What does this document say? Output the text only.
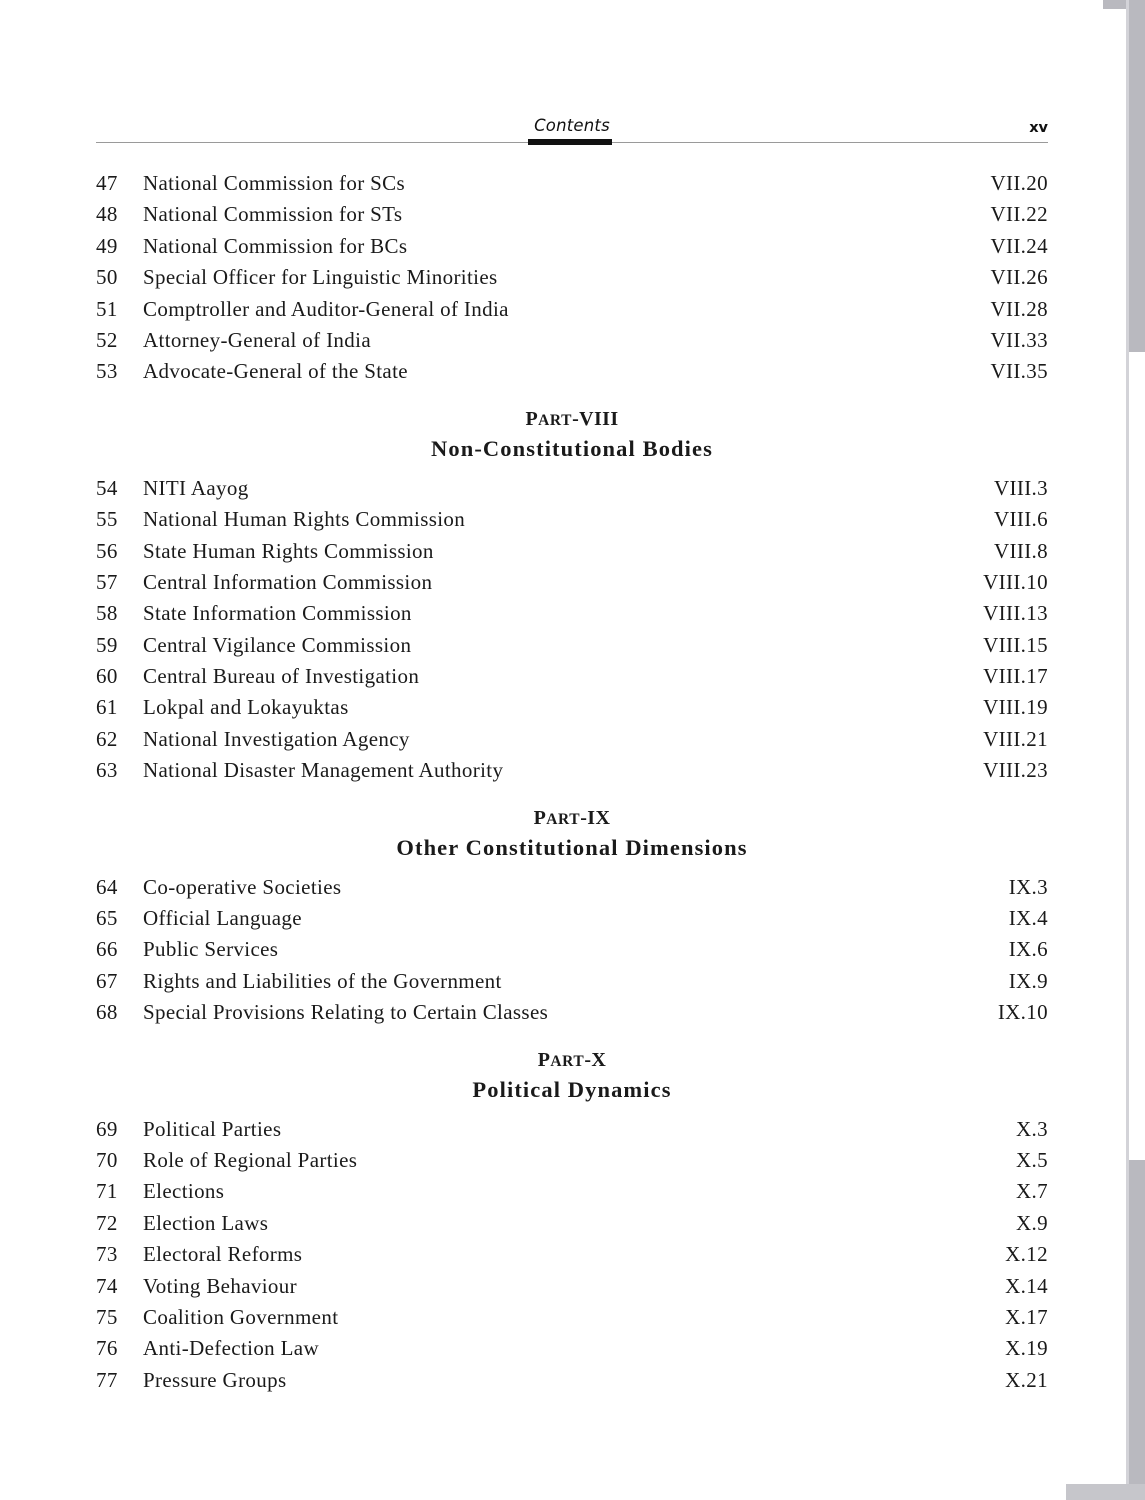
Contents	xv
47	National Commission for SCs	VII.20
48	National Commission for STs	VII.22
49	National Commission for BCs	VII.24
50	Special Officer for Linguistic Minorities	VII.26
51	Comptroller and Auditor-General of India	VII.28
52	Attorney-General of India	VII.33
53	Advocate-General of the State	VII.35
PART-VIII
Non-Constitutional Bodies
54	NITI Aayog	VIII.3
55	National Human Rights Commission	VIII.6
56	State Human Rights Commission	VIII.8
57	Central Information Commission	VIII.10
58	State Information Commission	VIII.13
59	Central Vigilance Commission	VIII.15
60	Central Bureau of Investigation	VIII.17
61	Lokpal and Lokayuktas	VIII.19
62	National Investigation Agency	VIII.21
63	National Disaster Management Authority	VIII.23
PART-IX
Other Constitutional Dimensions
64	Co-operative Societies	IX.3
65	Official Language	IX.4
66	Public Services	IX.6
67	Rights and Liabilities of the Government	IX.9
68	Special Provisions Relating to Certain Classes	IX.10
PART-X
Political Dynamics
69	Political Parties	X.3
70	Role of Regional Parties	X.5
71	Elections	X.7
72	Election Laws	X.9
73	Electoral Reforms	X.12
74	Voting Behaviour	X.14
75	Coalition Government	X.17
76	Anti-Defection Law	X.19
77	Pressure Groups	X.21
